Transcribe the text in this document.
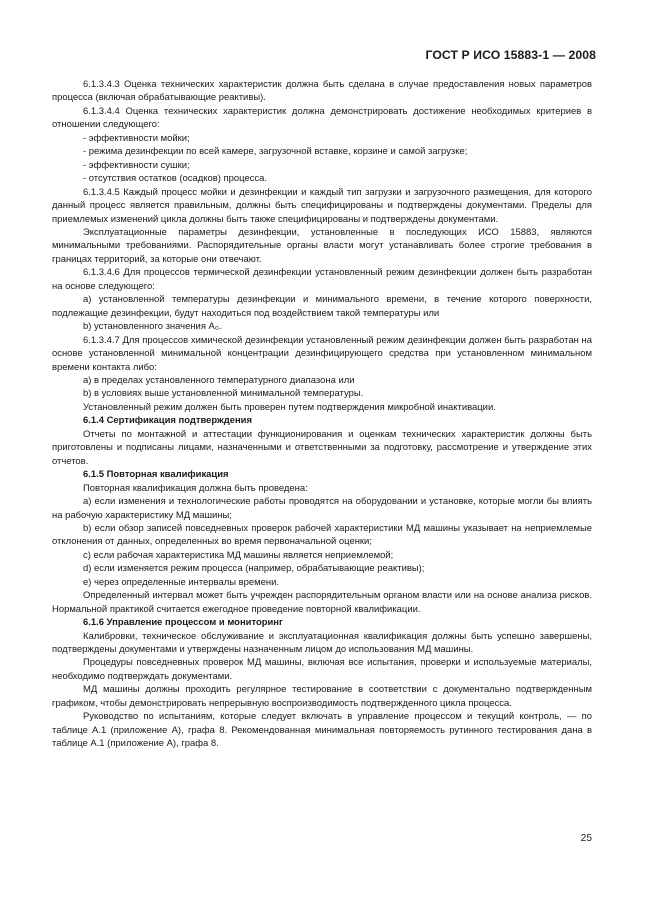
ГОСТ Р ИСО 15883-1 — 2008

6.1.3.4.3 Оценка технических характеристик должна быть сделана в случае предоставления новых параметров процесса (включая обрабатывающие реактивы).

6.1.3.4.4 Оценка технических характеристик должна демонстрировать достижение необходимых критериев в отношении следующего:

- эффективности мойки;

- режима дезинфекции по всей камере, загрузочной вставке, корзине и самой загрузке;

- эффективности сушки;

- отсутствия остатков (осадков) процесса.

6.1.3.4.5 Каждый процесс мойки и дезинфекции и каждый тип загрузки и загрузочного размещения, для которого данный процесс является правильным, должны быть специфицированы и подтверждены документами. Пределы для приемлемых изменений цикла должны быть также специфицированы и подтверждены документами.

Эксплуатационные параметры дезинфекции, установленные в последующих ИСО 15883, являются минимальными требованиями. Распорядительные органы власти могут устанавливать более строгие требования в границах территорий, за которые они отвечают.

6.1.3.4.6 Для процессов термической дезинфекции установленный режим дезинфекции должен быть разработан на основе следующего:

a) установленной температуры дезинфекции и минимального времени, в течение которого поверхности, подлежащие дезинфекции, будут находиться под воздействием такой температуры или

b) установленного значения A₀.

6.1.3.4.7 Для процессов химической дезинфекции установленный режим дезинфекции должен быть разработан на основе установленной минимальной концентрации дезинфицирующего средства при установленном минимальном времени контакта либо:

a) в пределах установленного температурного диапазона или

b) в условиях выше установленной минимальной температуры.

Установленный режим должен быть проверен путем подтверждения микробной инактивации.

6.1.4 Сертификация подтверждения

Отчеты по монтажной и аттестации функционирования и оценкам технических характеристик должны быть приготовлены и подписаны лицами, назначенными и ответственными за подготовку, рассмотрение и утверждение этих отчетов.

6.1.5 Повторная квалификация

Повторная квалификация должна быть проведена:

a) если изменения и технологические работы проводятся на оборудовании и установке, которые могли бы влиять на рабочую характеристику МД машины;

b) если обзор записей повседневных проверок рабочей характеристики МД машины указывает на неприемлемые отклонения от данных, определенных во время первоначальной оценки;

c) если рабочая характеристика МД машины является неприемлемой;

d) если изменяется режим процесса (например, обрабатывающие реактивы);

e) через определенные интервалы времени.

Определенный интервал может быть учрежден распорядительным органом власти или на основе анализа рисков. Нормальной практикой считается ежегодное проведение повторной квалификации.

6.1.6 Управление процессом и мониторинг

Калибровки, техническое обслуживание и эксплуатационная квалификация должны быть успешно завершены, подтверждены документами и утверждены назначенным лицом до использования МД машины.

Процедуры повседневных проверок МД машины, включая все испытания, проверки и используемые материалы, необходимо подтверждать документами.

МД машины должны проходить регулярное тестирование в соответствии с документально подтвержденным графиком, чтобы демонстрировать непрерывную воспроизводимость подтвержденного цикла процесса.

Руководство по испытаниям, которые следует включать в управление процессом и текущий контроль, — по таблице А.1 (приложение А), графа 8. Рекомендованная минимальная повторяемость рутинного тестирования дана в таблице А.1 (приложение А), графа 8.

25
